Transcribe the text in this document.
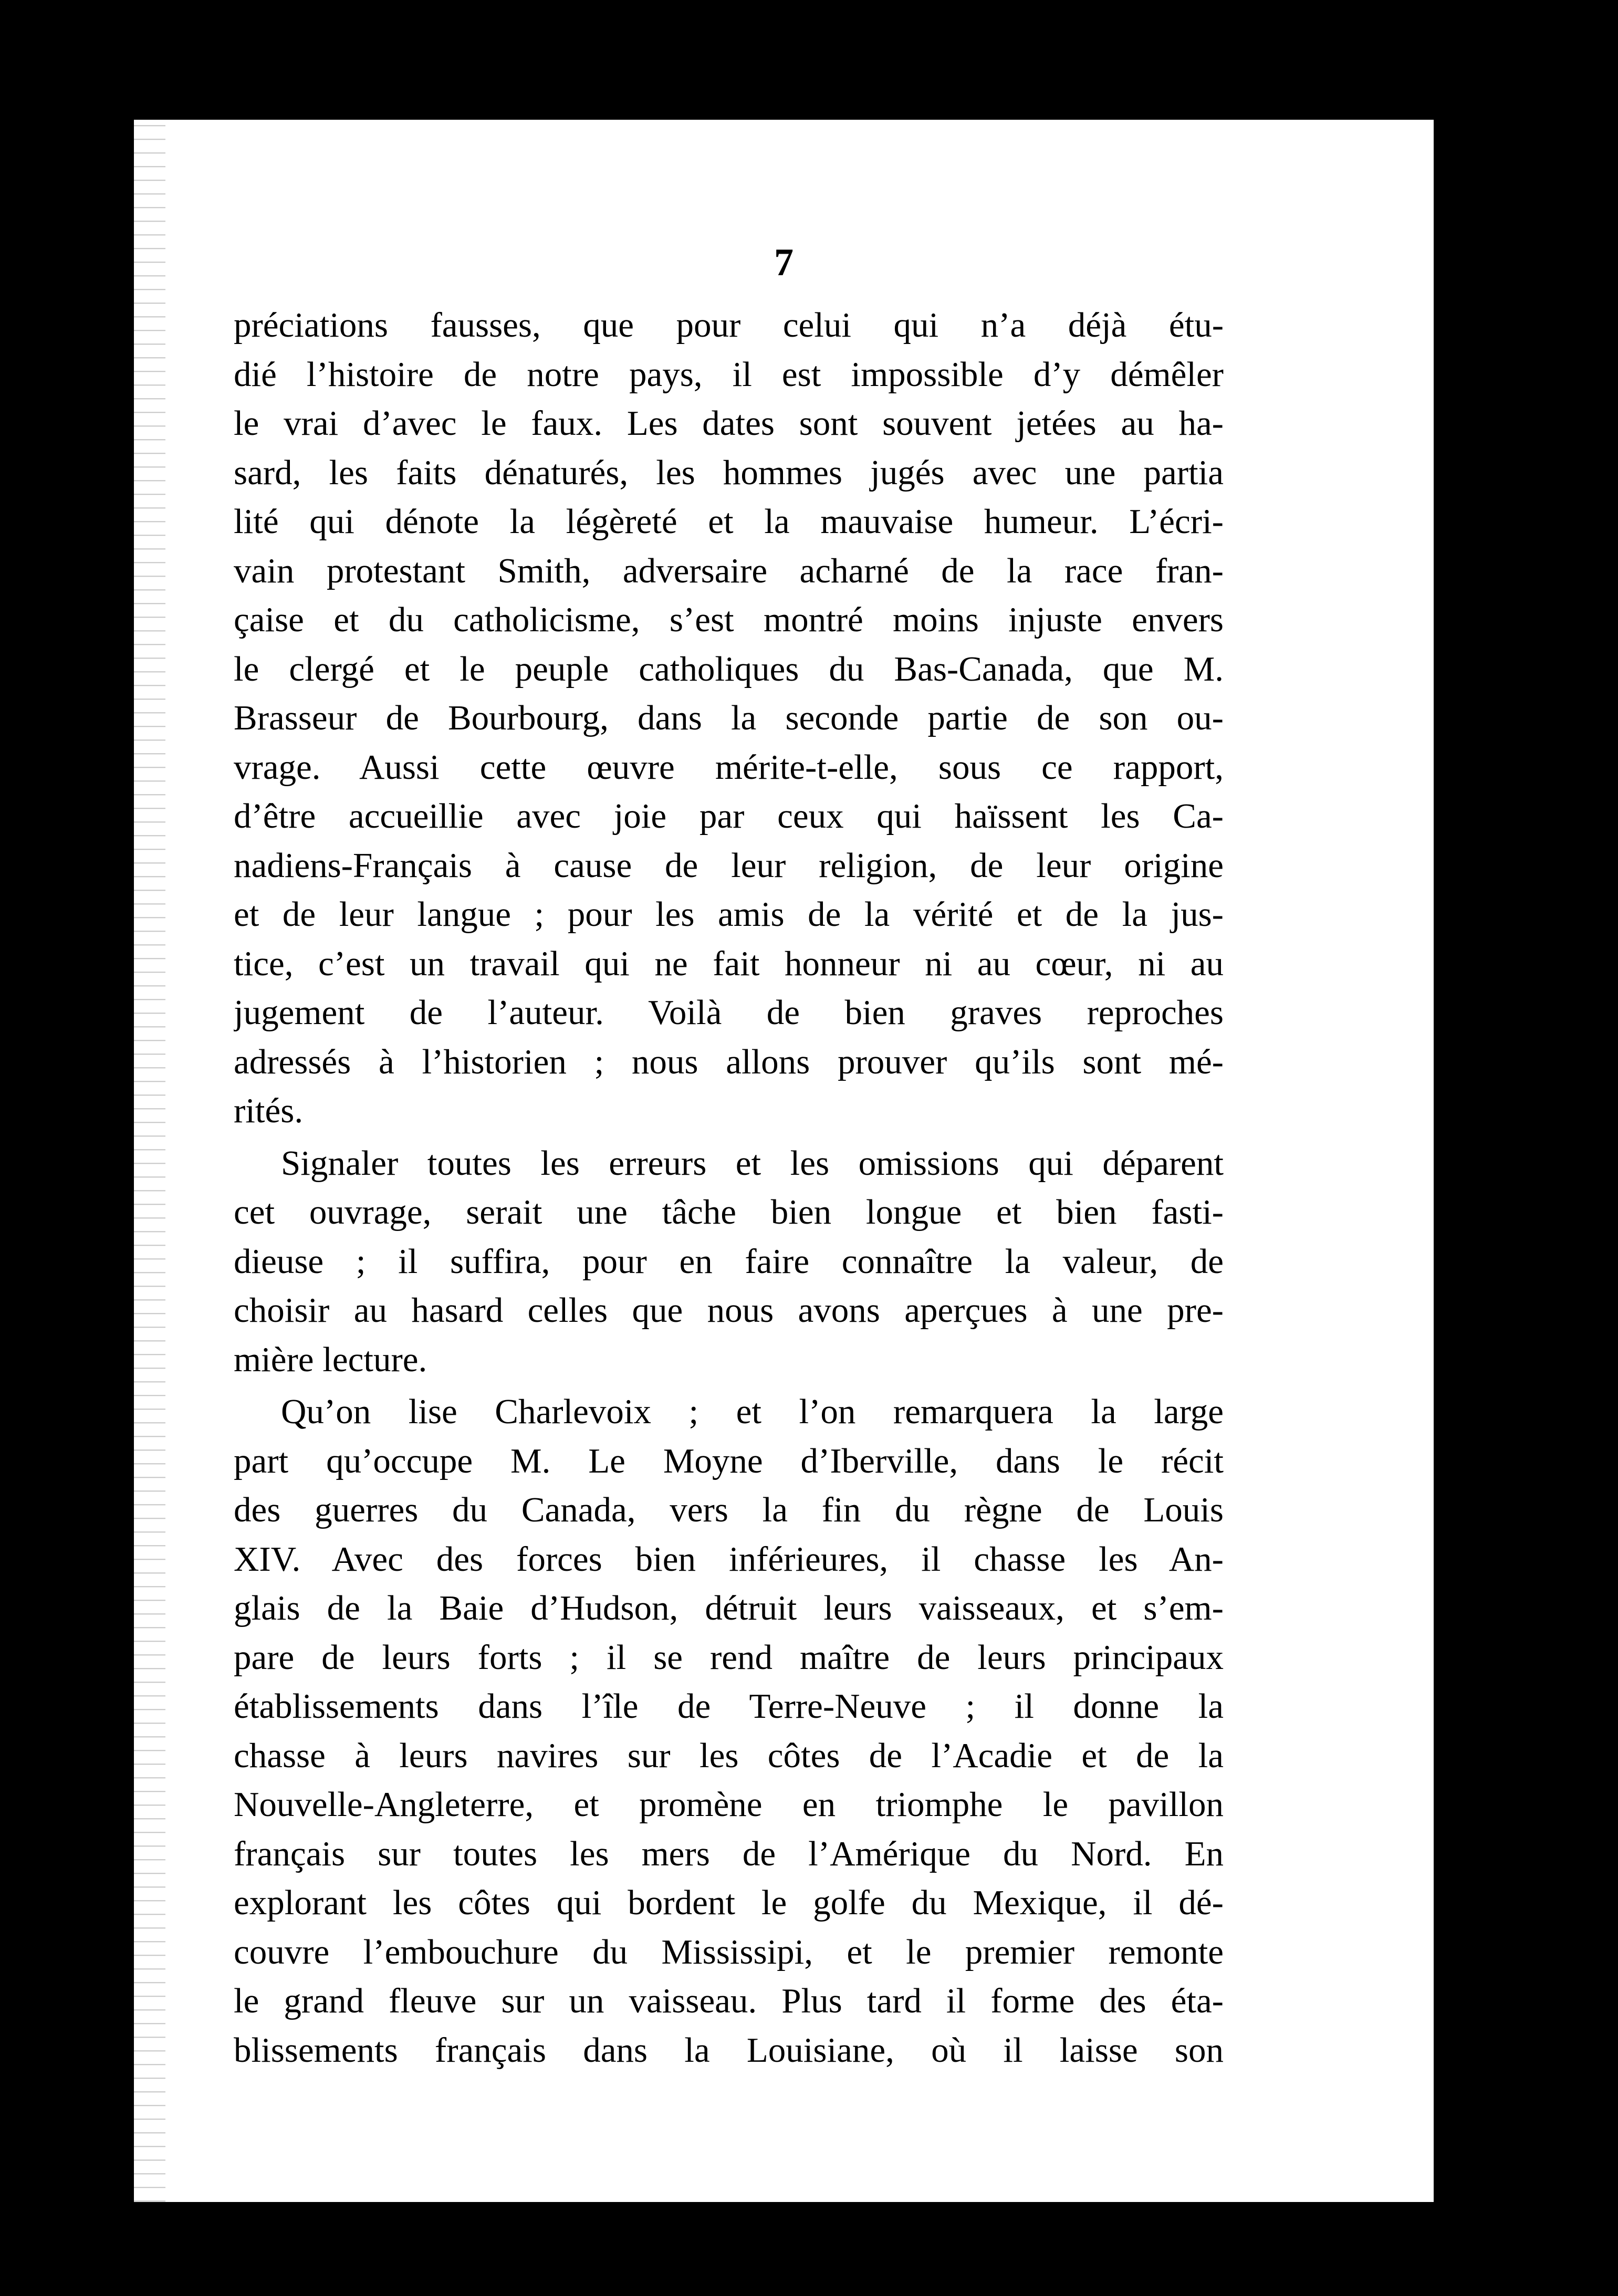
7
préciations fausses, que pour celui qui n’a déjà étu-
dié l’histoire de notre pays, il est impossible d’y démêler
le vrai d’avec le faux. Les dates sont souvent jetées au ha-
sard, les faits dénaturés, les hommes jugés avec une partia
lité qui dénote la légèreté et la mauvaise humeur. L’écri-
vain protestant Smith, adversaire acharné de la race fran-
çaise et du catholicisme, s’est montré moins injuste envers
le clergé et le peuple catholiques du Bas-Canada, que M.
Brasseur de Bourbourg, dans la seconde partie de son ou-
vrage. Aussi cette œuvre mérite-t-elle, sous ce rapport,
d’être accueillie avec joie par ceux qui haïssent les Ca-
nadiens-Français à cause de leur religion, de leur origine
et de leur langue ; pour les amis de la vérité et de la jus-
tice, c’est un travail qui ne fait honneur ni au cœur, ni au
jugement de l’auteur. Voilà de bien graves reproches
adressés à l’historien ; nous allons prouver qu’ils sont mé-
rités.
Signaler toutes les erreurs et les omissions qui déparent
cet ouvrage, serait une tâche bien longue et bien fasti-
dieuse ; il suffira, pour en faire connaître la valeur, de
choisir au hasard celles que nous avons aperçues à une pre-
mière lecture.
Qu’on lise Charlevoix ; et l’on remarquera la large
part qu’occupe M. Le Moyne d’Iberville, dans le récit
des guerres du Canada, vers la fin du règne de Louis
XIV. Avec des forces bien inférieures, il chasse les An-
glais de la Baie d’Hudson, détruit leurs vaisseaux, et s’em-
pare de leurs forts ; il se rend maître de leurs principaux
établissements dans l’île de Terre-Neuve ; il donne la
chasse à leurs navires sur les côtes de l’Acadie et de la
Nouvelle-Angleterre, et promène en triomphe le pavillon
français sur toutes les mers de l’Amérique du Nord. En
explorant les côtes qui bordent le golfe du Mexique, il dé-
couvre l’embouchure du Mississipi, et le premier remonte
le grand fleuve sur un vaisseau. Plus tard il forme des éta-
blissements français dans la Louisiane, où il laisse son
